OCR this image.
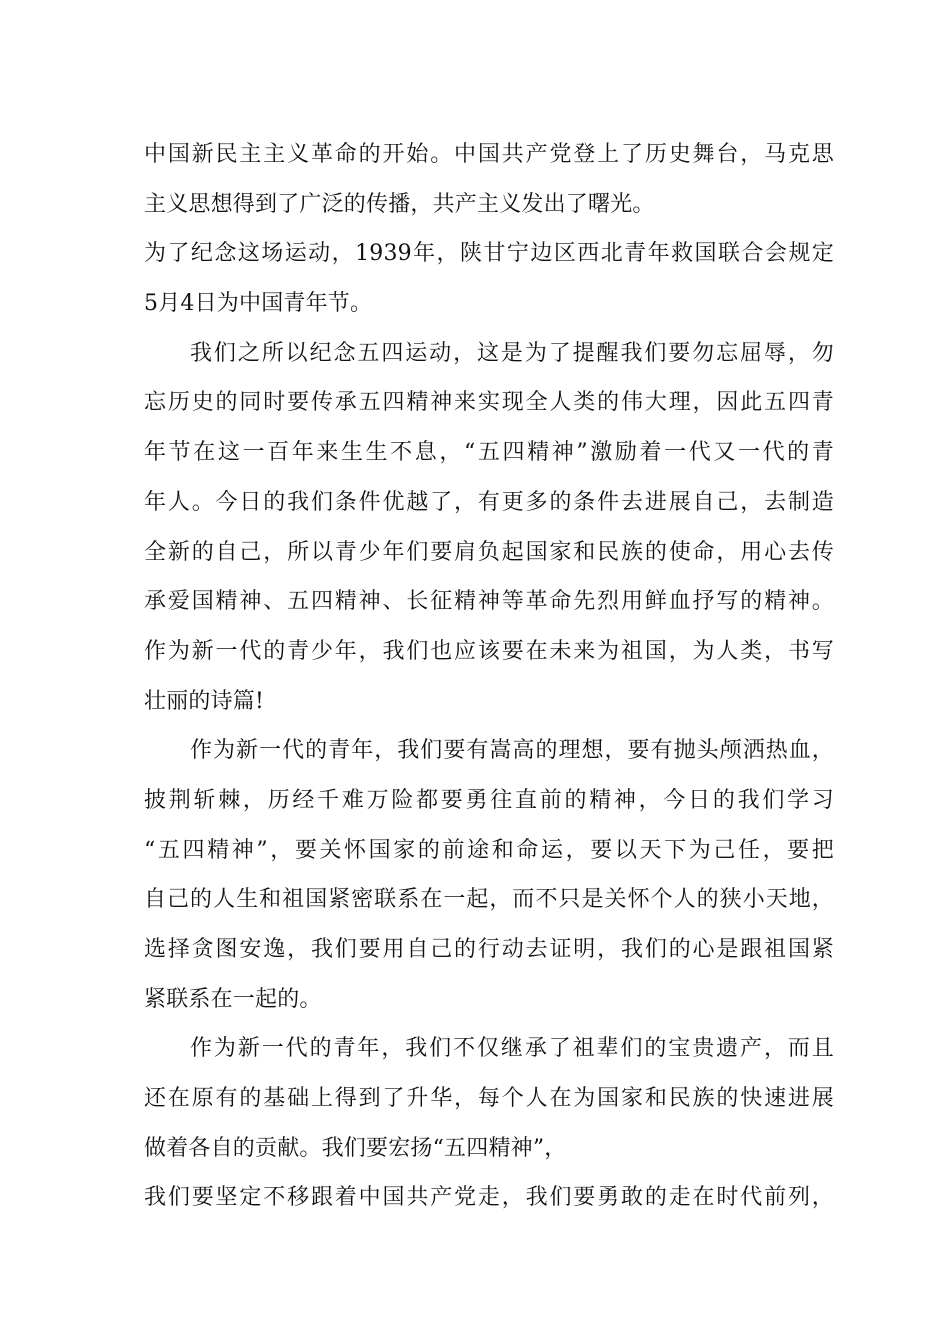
中国新民主主义革命的开始。中国共产党登上了历史舞台，马克思
主义思想得到了广泛的传播，共产主义发出了曙光。
为了纪念这场运动，1939年，陕甘宁边区西北青年救国联合会规定
5月4日为中国青年节。
我们之所以纪念五四运动，这是为了提醒我们要勿忘屈辱，勿
忘历史的同时要传承五四精神来实现全人类的伟大理，因此五四青
年节在这一百年来生生不息，“五四精神”激励着一代又一代的青
年人。今日的我们条件优越了，有更多的条件去进展自己，去制造
全新的自己，所以青少年们要肩负起国家和民族的使命，用心去传
承爱国精神、五四精神、长征精神等革命先烈用鲜血抒写的精神。
作为新一代的青少年，我们也应该要在未来为祖国，为人类，书写
壮丽的诗篇!
作为新一代的青年，我们要有嵩高的理想，要有抛头颅洒热血，
披荆斩棘，历经千难万险都要勇往直前的精神，今日的我们学习
“五四精神”，要关怀国家的前途和命运，要以天下为己任，要把
自己的人生和祖国紧密联系在一起，而不只是关怀个人的狭小天地，
选择贪图安逸，我们要用自己的行动去证明，我们的心是跟祖国紧
紧联系在一起的。
作为新一代的青年，我们不仅继承了祖辈们的宝贵遗产，而且
还在原有的基础上得到了升华，每个人在为国家和民族的快速进展
做着各自的贡献。我们要宏扬“五四精神”，
我们要坚定不移跟着中国共产党走，我们要勇敢的走在时代前列，
